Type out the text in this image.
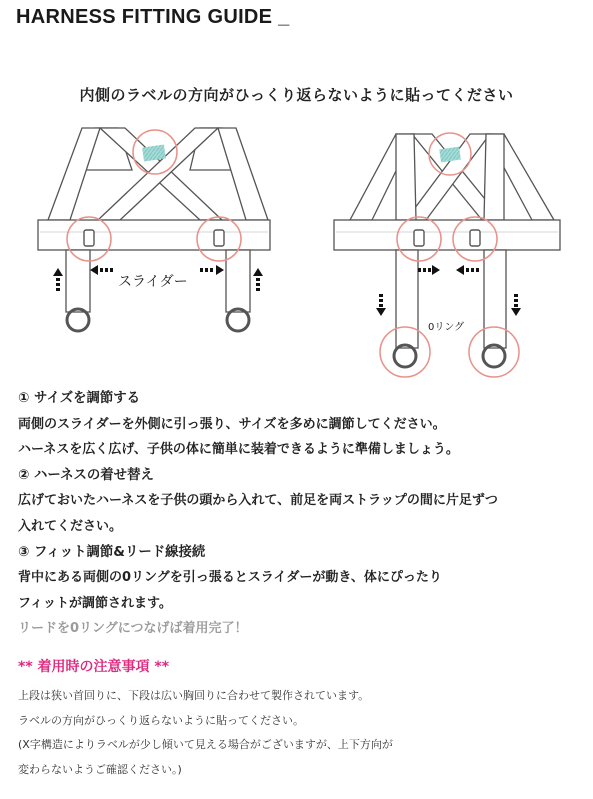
HARNESS FITTING GUIDE _
内側のラベルの方向がひっくり返らないように貼ってください
スライダー
0リング
① サイズを調節する
両側のスライダーを外側に引っ張り、サイズを多めに調節してください。
ハーネスを広く広げ、子供の体に簡単に装着できるように準備しましょう。
② ハーネスの着せ替え
広げておいたハーネスを子供の頭から入れて、前足を両ストラップの間に片足ずつ
入れてください。
③ フィット調節&リード線接続
背中にある両側の0リングを引っ張るとスライダーが動き、体にぴったり
フィットが調節されます。
リードを0リングにつなげば着用完了！
** 着用時の注意事項 **
上段は狭い首回りに、下段は広い胸回りに合わせて製作されています。
ラベルの方向がひっくり返らないように貼ってください。
(X字構造によりラベルが少し傾いて見える場合がございますが、上下方向が
変わらないようご確認ください。)
